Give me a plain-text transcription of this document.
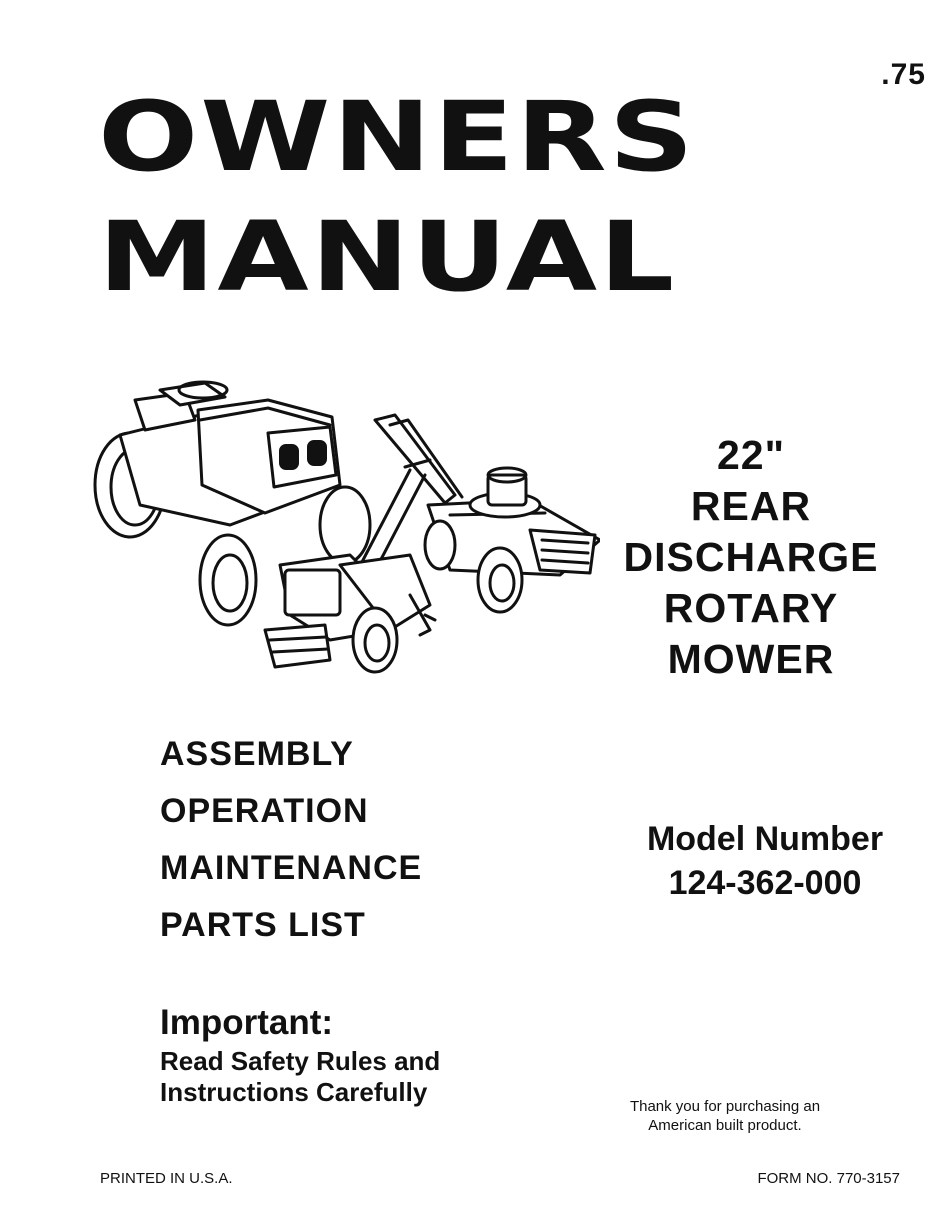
.75
OWNERS
MANUAL
22"
REAR
DISCHARGE
ROTARY
MOWER
ASSEMBLY
OPERATION
MAINTENANCE
PARTS LIST
Model Number
124-362-000
Important:
Read Safety Rules and
Instructions Carefully	Thank you for purchasing an
American built product.
PRINTED IN U.S.A.	FORM NO. 770-3157
